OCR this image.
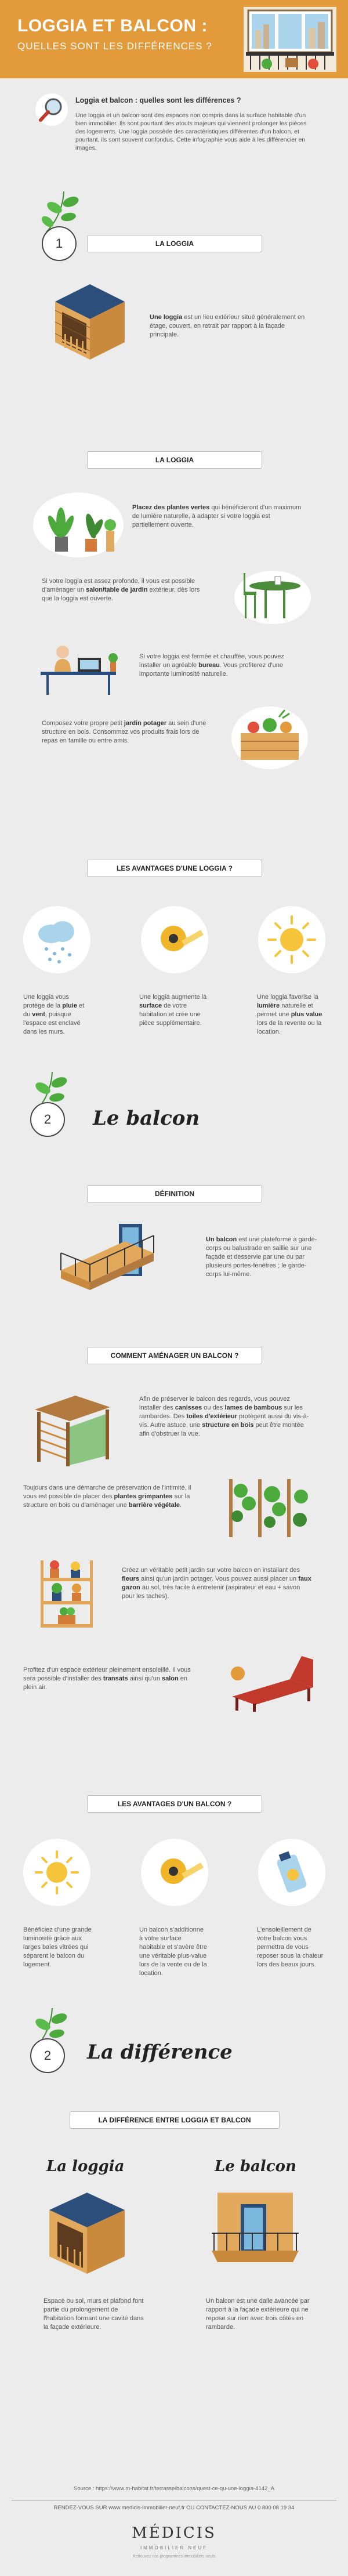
LOGGIA ET BALCON :
QUELLES SONT LES DIFFÉRENCES ?
Loggia et balcon : quelles sont les différences ?
Une loggia et un balcon sont des espaces non compris dans la surface habitable d'un bien immobilier. Ils sont pourtant des atouts majeurs qui viennent prolonger les pièces des logements. Une loggia possède des caractéristiques différentes d'un balcon, et pourtant, ils sont souvent confondus. Cette infographie vous aide à les différencier en images.
1	LA LOGGIA
Une loggia est un lieu extérieur situé généralement en étage, couvert, en retrait par rapport à la façade principale.
LA LOGGIA
Placez des plantes vertes qui bénéficieront d'un maximum de lumière naturelle, à adapter si votre loggia est partiellement ouverte.
Si votre loggia est assez profonde, il vous est possible d'aménager un salon/table de jardin extérieur, dès lors que la loggia est ouverte.
Si votre loggia est fermée et chauffée, vous pouvez installer un agréable bureau. Vous profiterez d'une importante luminosité naturelle.
Composez votre propre petit jardin potager au sein d'une structure en bois. Consommez vos produits frais lors de repas en famille ou entre amis.
LES AVANTAGES D'UNE LOGGIA ?
Une loggia vous protège de la pluie et du vent, puisque l'espace est enclavé dans les murs.
Une loggia augmente la surface de votre habitation et crée une pièce supplémentaire.
Une loggia favorise la lumière naturelle et permet une plus value lors de la revente ou la location.
2	Le balcon
DÉFINITION
Un balcon est une plateforme à garde-corps ou balustrade en saillie sur une façade et desservie par une ou par plusieurs portes-fenêtres ; le garde-corps lui-même.
COMMENT AMÉNAGER UN BALCON ?
Afin de préserver le balcon des regards, vous pouvez installer des canisses ou des lames de bambous sur les rambardes. Des toiles d'extérieur protègent aussi du vis-à-vis. Autre astuce, une structure en bois peut être montée afin d'obstruer la vue.
Toujours dans une démarche de préservation de l'intimité, il vous est possible de placer des plantes grimpantes sur la structure en bois ou d'aménager une barrière végétale.
Créez un véritable petit jardin sur votre balcon en installant des fleurs ainsi qu'un jardin potager. Vous pouvez aussi placer un faux gazon au sol, très facile à entretenir (aspirateur et eau + savon pour les taches).
Profitez d'un espace extérieur pleinement ensoleillé. Il vous sera possible d'installer des transats ainsi qu'un salon en plein air.
LES AVANTAGES D'UN BALCON ?
Bénéficiez d'une grande luminosité grâce aux larges baies vitrées qui séparent le balcon du logement.
Un balcon s'additionne à votre surface habitable et s'avère être une véritable plus-value lors de la vente ou de la location.
L'ensoleillement de votre balcon vous permettra de vous reposer sous la chaleur lors des beaux jours.
2	La différence
LA DIFFÉRENCE ENTRE LOGGIA ET BALCON
La loggia	Le balcon
Espace ou sol, murs et plafond font partie du prolongement de l'habitation formant une cavité dans la façade extérieure.
Un balcon est une dalle avancée par rapport à la façade extérieure qui ne repose sur rien avec trois côtés en rambarde.
Source : https://www.m-habitat.fr/terrasse/balcons/quest-ce-qu-une-loggia-4142_A
RENDEZ-VOUS SUR www.medicis-immobilier-neuf.fr OU CONTACTEZ-NOUS AU 0 800 08 19 34
MÉDICIS
IMMOBILIER NEUF
Retrouvez nos programmes immobiliers neufs
